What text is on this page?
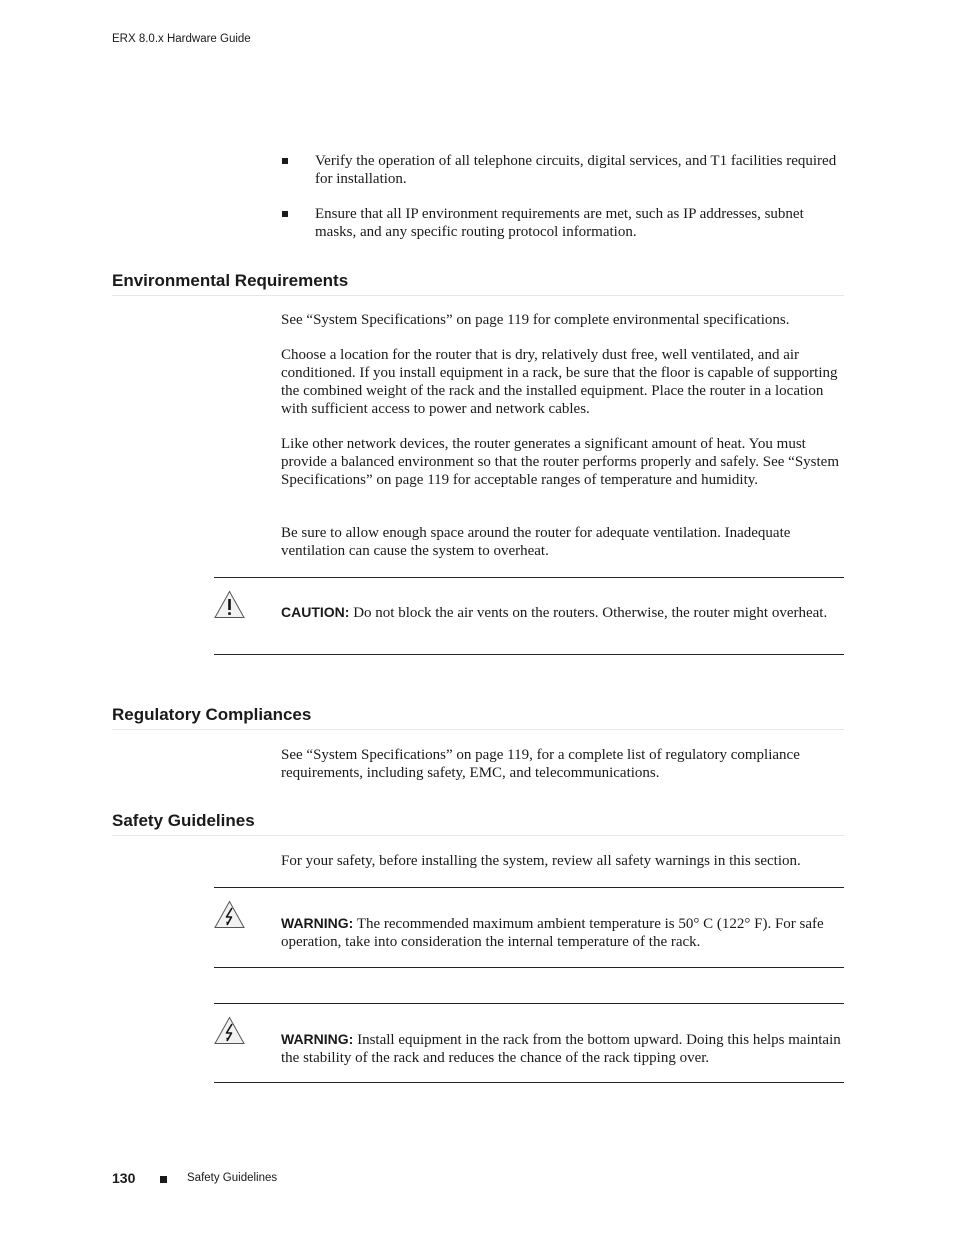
ERX 8.0.x Hardware Guide
Verify the operation of all telephone circuits, digital services, and T1 facilities required for installation.
Ensure that all IP environment requirements are met, such as IP addresses, subnet masks, and any specific routing protocol information.
Environmental Requirements

See “System Specifications” on page 119 for complete environmental specifications.

Choose a location for the router that is dry, relatively dust free, well ventilated, and air conditioned. If you install equipment in a rack, be sure that the floor is capable of supporting the combined weight of the rack and the installed equipment. Place the router in a location with sufficient access to power and network cables.

Like other network devices, the router generates a significant amount of heat. You must provide a balanced environment so that the router performs properly and safely. See “System Specifications” on page 119 for acceptable ranges of temperature and humidity.

Be sure to allow enough space around the router for adequate ventilation. Inadequate ventilation can cause the system to overheat.

CAUTION: Do not block the air vents on the routers. Otherwise, the router might overheat.
Regulatory Compliances

See “System Specifications” on page 119, for a complete list of regulatory compliance requirements, including safety, EMC, and telecommunications.

Safety Guidelines

For your safety, before installing the system, review all safety warnings in this section.

WARNING: The recommended maximum ambient temperature is 50° C (122° F). For safe operation, take into consideration the internal temperature of the rack.
WARNING: Install equipment in the rack from the bottom upward. Doing this helps maintain the stability of the rack and reduces the chance of the rack tipping over.
130	Safety Guidelines
